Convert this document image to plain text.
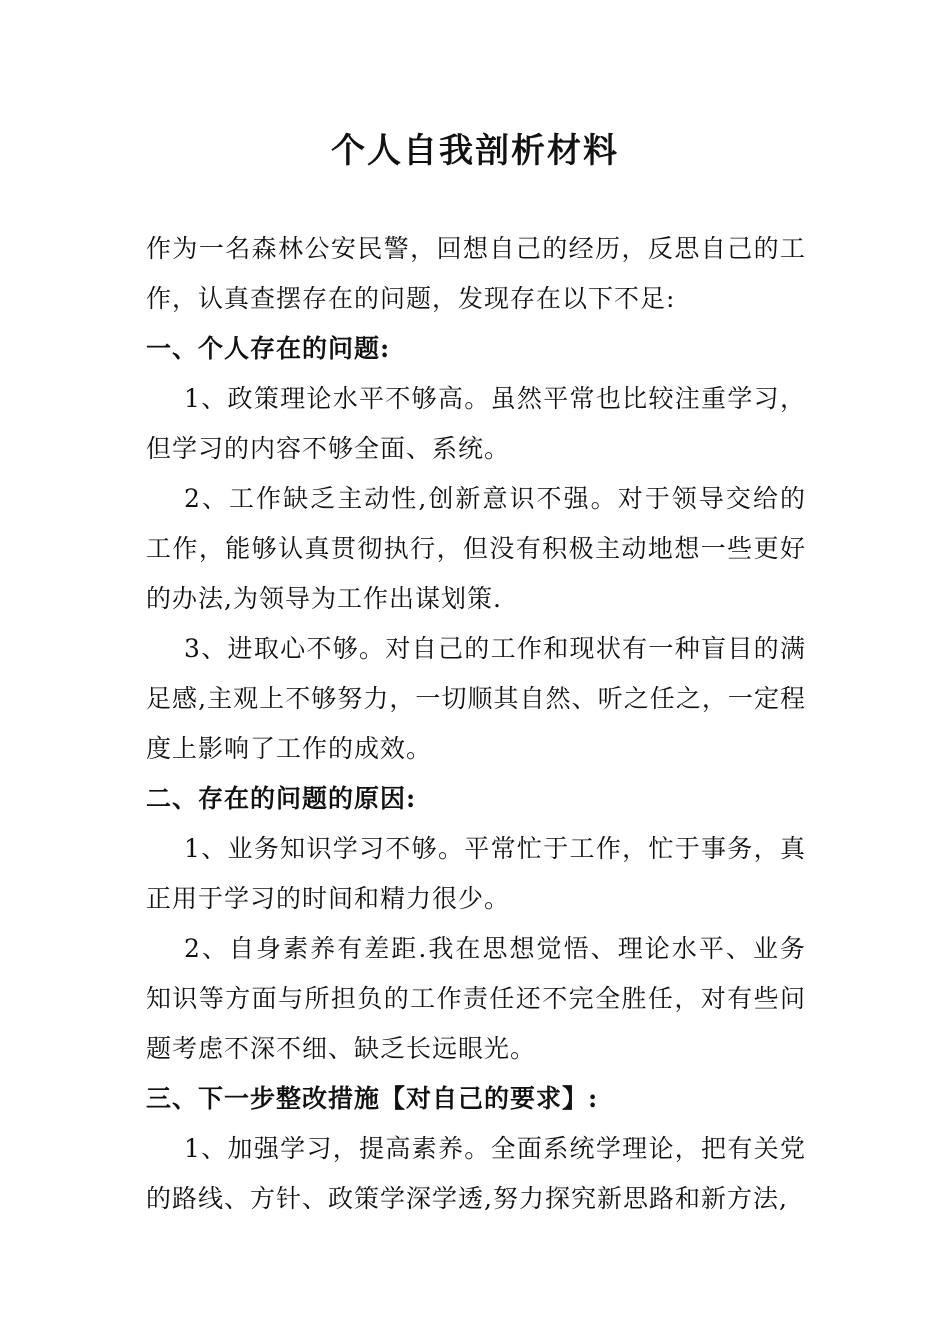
个人自我剖析材料

作为一名森林公安民警，回想自己的经历，反思自己的工作，认真查摆存在的问题，发现存在以下不足:

一、个人存在的问题:

1、政策理论水平不够高。虽然平常也比较注重学习，但学习的内容不够全面、系统。

2、工作缺乏主动性,创新意识不强。对于领导交给的工作，能够认真贯彻执行，但没有积极主动地想一些更好的办法,为领导为工作出谋划策.

3、进取心不够。对自己的工作和现状有一种盲目的满足感,主观上不够努力，一切顺其自然、听之任之，一定程度上影响了工作的成效。

二、存在的问题的原因:

1、业务知识学习不够。平常忙于工作，忙于事务，真正用于学习的时间和精力很少。

2、自身素养有差距.我在思想觉悟、理论水平、业务知识等方面与所担负的工作责任还不完全胜任，对有些问题考虑不深不细、缺乏长远眼光。

三、下一步整改措施【对自己的要求】:

1、加强学习，提高素养。全面系统学理论，把有关党的路线、方针、政策学深学透,努力探究新思路和新方法,
